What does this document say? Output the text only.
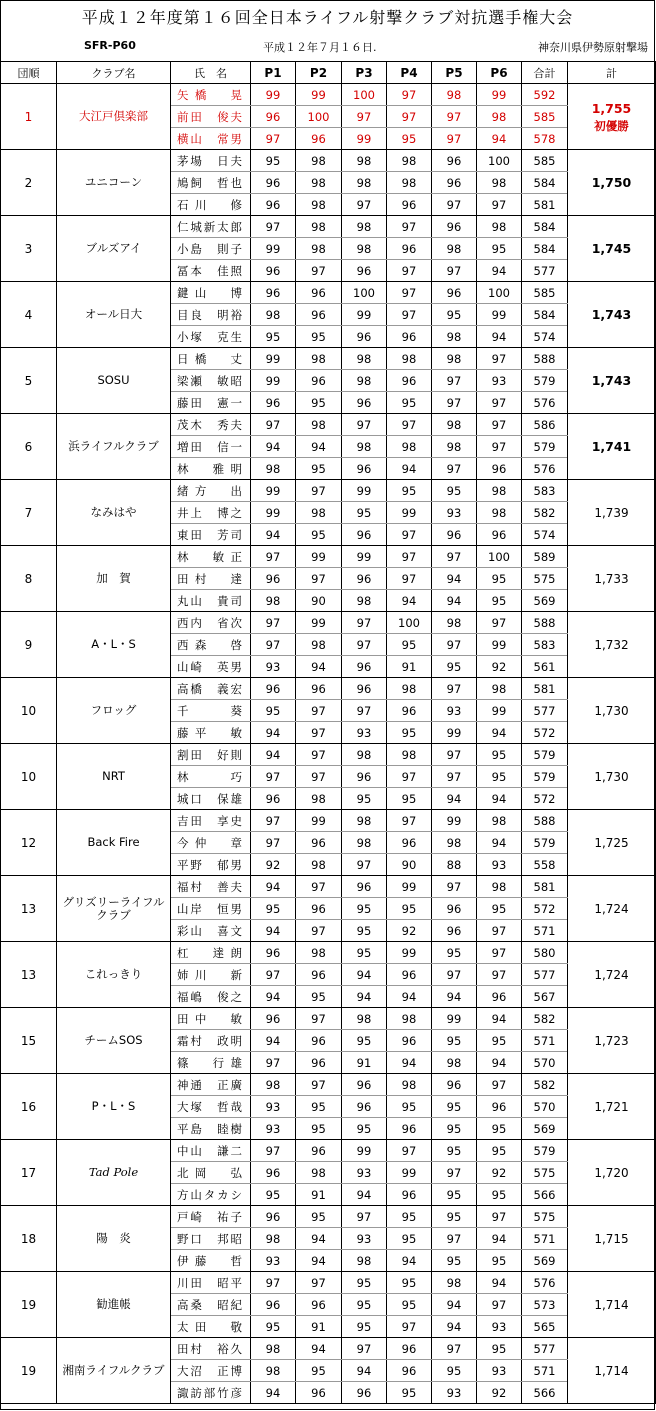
平成１２年度第１６回全日本ライフル射撃クラブ対抗選手権大会
SFR-P60	平成１２年７月１６日.	神奈川県伊勢原射撃場
団順	クラブ名	氏　名	P1	P2	P3	P4	P5	P6	合計	計
1	大江戸倶楽部	矢橋　晃	99	99	100	97	98	99	592	1,755
初優勝

		前田　俊夫	96	100	97	97	97	98	585	
		横山　常男	97	96	99	95	97	94	578	
2	ユニコーン	茅場　日夫	95	98	98	98	96	100	585	1,750
		鳩飼　哲也	96	98	98	98	96	98	584	
		石川　修	96	98	97	96	97	97	581	
3	ブルズアイ	仁城新太郎	97	98	98	97	96	98	584	1,745
		小島　則子	99	98	98	96	98	95	584	
		冨本　佳照	96	97	96	97	97	94	577	
4	オール日大	鍵山　博	96	96	100	97	96	100	585	1,743
		目良　明裕	98	96	99	97	95	99	584	
		小塚　克生	95	95	96	96	98	94	574	
5	SOSU	日橋　丈	99	98	98	98	98	97	588	1,743
		梁瀬　敏昭	99	96	98	96	97	93	579	
		藤田　憲一	96	95	96	95	97	97	576	
6	浜ライフルクラブ	茂木　秀夫	97	98	97	97	98	97	586	1,741
		増田　信一	94	94	98	98	98	97	579	
		林　雅明	98	95	96	94	97	96	576	
7	なみはや	緒方　出	99	97	99	95	95	98	583	1,739
		井上　博之	99	98	95	99	93	98	582	
		東田　芳司	94	95	96	97	96	96	574	
8	加　賀	林　敏正	97	99	99	97	97	100	589	1,733
		田村　達	96	97	96	97	94	95	575	
		丸山　貴司	98	90	98	94	94	95	569	
9	A・L・S	西内　省次	97	99	97	100	98	97	588	1,732
		西森　啓	97	98	97	95	97	99	583	
		山崎　英男	93	94	96	91	95	92	561	
10	フロッグ	高橋　義宏	96	96	96	98	97	98	581	1,730
		千　葵	95	97	97	96	93	99	577	
		藤平　敏	94	97	93	95	99	94	572	
10	NRT	割田　好則	94	97	98	98	97	95	579	1,730
		林　巧	97	97	96	97	97	95	579	
		城口　保雄	96	98	95	95	94	94	572	
12	Back Fire	吉田　享史	97	99	98	97	99	98	588	1,725
		今仲　章	97	96	98	96	98	94	579	
		平野　郁男	92	98	97	90	88	93	558	
13	グリズリーライフルクラブ	福村　善夫	94	97	96	99	97	98	581	1,724
		山岸　恒男	95	96	95	95	96	95	572	
		彩山　喜文	94	97	95	92	96	97	571	
13	これっきり	杠　達朗	96	98	95	99	95	97	580	1,724
		姉川　新	97	96	94	96	97	97	577	
		福嶋　俊之	94	95	94	94	94	96	567	
15	チームSOS	田中　敏	96	97	98	98	99	94	582	1,723
		霜村　政明	94	96	95	96	95	95	571	
		篠　行雄	97	96	91	94	98	94	570	
16	P・L・S	神通　正廣	98	97	96	98	96	97	582	1,721
		大塚　哲哉	93	95	96	95	95	96	570	
		平島　睦樹	93	95	95	96	95	95	569	
17	Tad Pole	中山　謙二	97	96	99	97	95	95	579	1,720
		北岡　弘	96	98	93	99	97	92	575	
		方山タカシ	95	91	94	96	95	95	566	
18	陽　炎	戸崎　祐子	96	95	97	95	95	97	575	1,715
		野口　邦昭	98	94	93	95	97	94	571	
		伊藤　哲	93	94	98	94	95	95	569	
19	勧進帳	川田　昭平	97	97	95	95	98	94	576	1,714
		高桑　昭紀	96	96	95	95	94	97	573	
		太田　敬	95	91	95	97	94	93	565	
19	湘南ライフルクラブ	田村　裕久	98	94	97	96	97	95	577	1,714
		大沼　正博	98	95	94	96	95	93	571	
		諏訪部竹彦	94	96	96	95	93	92	566	
